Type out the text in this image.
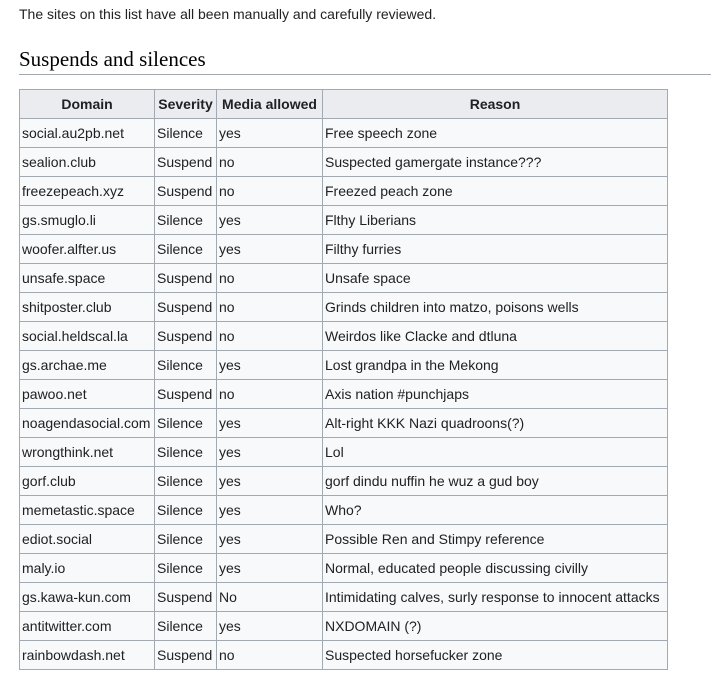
The sites on this list have all been manually and carefully reviewed.

Suspends and silences
Domain	Severity	Media allowed	Reason
social.au2pb.net	Silence	yes	Free speech zone
sealion.club	Suspend	no	Suspected gamergate instance???
freezepeach.xyz	Suspend	no	Freezed peach zone
gs.smuglo.li	Silence	yes	Flthy Liberians
woofer.alfter.us	Silence	yes	Filthy furries
unsafe.space	Suspend	no	Unsafe space
shitposter.club	Suspend	no	Grinds children into matzo, poisons wells
social.heldscal.la	Suspend	no	Weirdos like Clacke and dtluna
gs.archae.me	Silence	yes	Lost grandpa in the Mekong
pawoo.net	Suspend	no	Axis nation #punchjaps
noagendasocial.com	Silence	yes	Alt-right KKK Nazi quadroons(?)
wrongthink.net	Silence	yes	Lol
gorf.club	Silence	yes	gorf dindu nuffin he wuz a gud boy
memetastic.space	Silence	yes	Who?
ediot.social	Silence	yes	Possible Ren and Stimpy reference
maly.io	Silence	yes	Normal, educated people discussing civilly
gs.kawa-kun.com	Suspend	No	Intimidating calves, surly response to innocent attacks
antitwitter.com	Silence	yes	NXDOMAIN (?)
rainbowdash.net	Suspend	no	Suspected horsefucker zone
